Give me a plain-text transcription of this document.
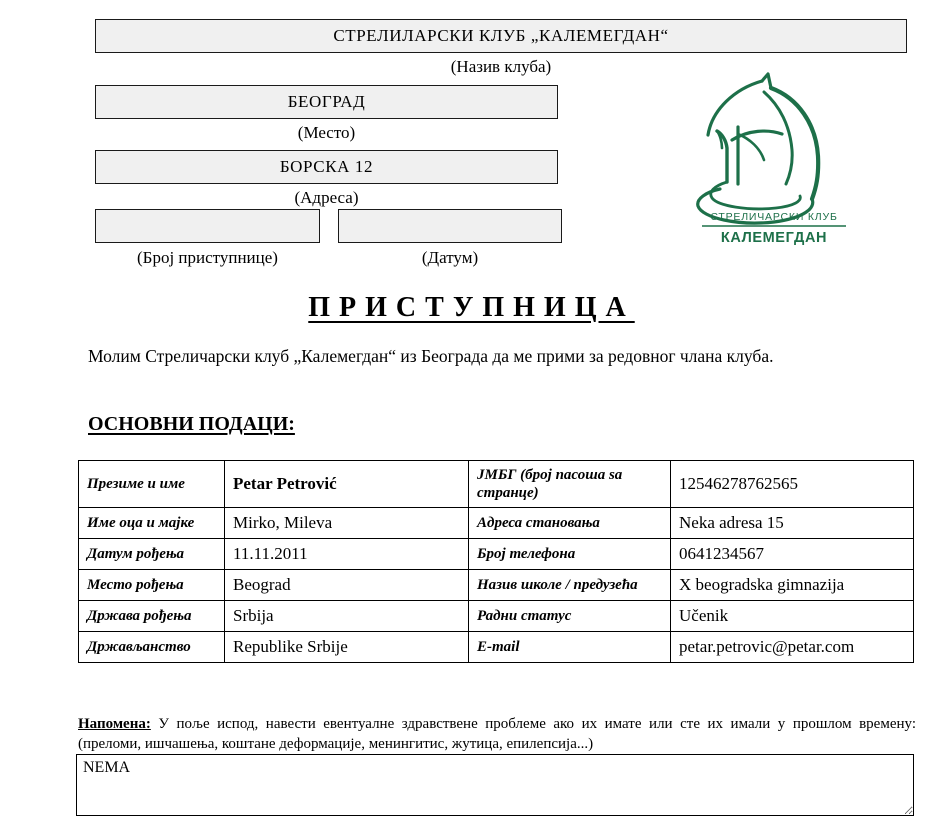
СТРЕЛИЛАРСКИ КЛУБ „КАЛЕМЕГДАН“
(Назив клуба)
БЕОГРАД
(Место)
БОРСКА 12
(Адреса)
(Број приступнице)	(Датум)
КАЛЕМЕГДАН
СТРЕЛИЧАРСКИ КЛУБ
ПРИСТУПНИЦА
Молим Стреличарски клуб „Калемегдан“ из Београда да ме прими за редовног члана клуба.
ОСНОВНИ ПОДАЦИ:
Презиме и име	Petar Petrović	ЈМБГ (број пасоша sa странце)	12546278762565
Име оца и мајке	Mirko, Mileva	Адреса становања	Neka adresa 15
Датум рођења	11.11.2011	Број телефона	0641234567
Место рођења	Beograd	Назив школе / предузећа	X beogradska gimnazija
Држава рођења	Srbija	Радни статус	Učenik
Држављанство	Republike Srbije	E-mail	petar.petrovic@petar.com
Напомена: У поље испод, навести евентуалне здравствене проблеме ако их имате или сте их имали у прошлом времену: (преломи, ишчашења, коштане деформације, менингитис, жутица, епилепсија...)
NEMA
